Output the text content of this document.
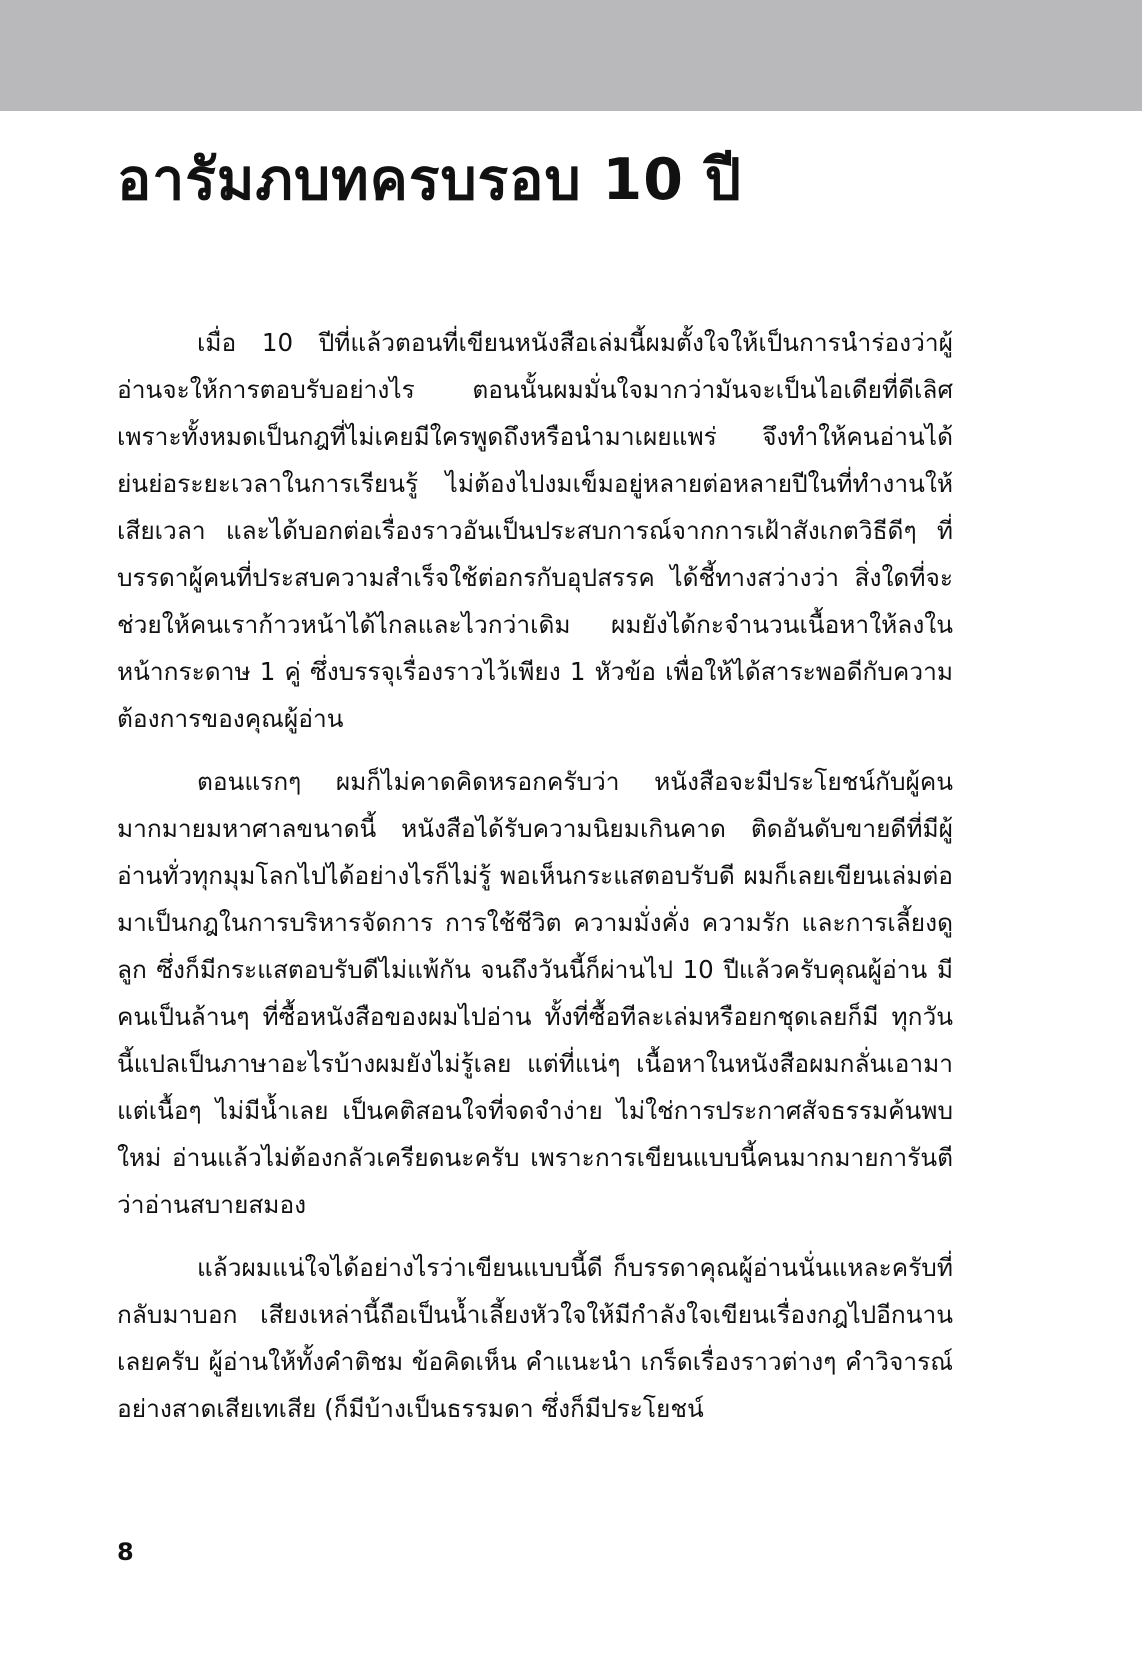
อารัมภบทครบรอบ 10 ปี

เมื่อ 10 ปีที่แล้วตอนที่เขียนหนังสือเล่มนี้ผมตั้งใจให้เป็นการนำร่องว่าผู้อ่านจะให้การตอบรับอย่างไร ตอนนั้นผมมั่นใจมากว่ามันจะเป็นไอเดียที่ดีเลิศ เพราะทั้งหมดเป็นกฎที่ไม่เคยมีใครพูดถึงหรือนำมาเผยแพร่ จึงทำให้คนอ่านได้ย่นย่อระยะเวลาในการเรียนรู้ ไม่ต้องไปงมเข็มอยู่หลายต่อหลายปีในที่ทำงานให้เสียเวลา และได้บอกต่อเรื่องราวอันเป็นประสบการณ์จากการเฝ้าสังเกตวิธีดีๆ ที่บรรดาผู้คนที่ประสบความสำเร็จใช้ต่อกรกับอุปสรรค ได้ชี้ทางสว่างว่า สิ่งใดที่จะช่วยให้คนเราก้าวหน้าได้ไกลและไวกว่าเดิม ผมยังได้กะจำนวนเนื้อหาให้ลงในหน้ากระดาษ 1 คู่ ซึ่งบรรจุเรื่องราวไว้เพียง 1 หัวข้อ เพื่อให้ได้สาระพอดีกับความต้องการของคุณผู้อ่าน

ตอนแรกๆ ผมก็ไม่คาดคิดหรอกครับว่า หนังสือจะมีประโยชน์กับผู้คนมากมายมหาศาลขนาดนี้ หนังสือได้รับความนิยมเกินคาด ติดอันดับขายดีที่มีผู้อ่านทั่วทุกมุมโลกไปได้อย่างไรก็ไม่รู้ พอเห็นกระแสตอบรับดี ผมก็เลยเขียนเล่มต่อมาเป็นกฎในการบริหารจัดการ การใช้ชีวิต ความมั่งคั่ง ความรัก และการเลี้ยงดูลูก ซึ่งก็มีกระแสตอบรับดีไม่แพ้กัน จนถึงวันนี้ก็ผ่านไป 10 ปีแล้วครับคุณผู้อ่าน มีคนเป็นล้านๆ ที่ซื้อหนังสือของผมไปอ่าน ทั้งที่ซื้อทีละเล่มหรือยกชุดเลยก็มี ทุกวันนี้แปลเป็นภาษาอะไรบ้างผมยังไม่รู้เลย แต่ที่แน่ๆ เนื้อหาในหนังสือผมกลั่นเอามาแต่เนื้อๆ ไม่มีน้ำเลย เป็นคติสอนใจที่จดจำง่าย ไม่ใช่การประกาศสัจธรรมค้นพบใหม่ อ่านแล้วไม่ต้องกลัวเครียดนะครับ เพราะการเขียนแบบนี้คนมากมายการันตีว่าอ่านสบายสมอง

แล้วผมแน่ใจได้อย่างไรว่าเขียนแบบนี้ดี ก็บรรดาคุณผู้อ่านนั่นแหละครับที่กลับมาบอก เสียงเหล่านี้ถือเป็นน้ำเลี้ยงหัวใจให้มีกำลังใจเขียนเรื่องกฎไปอีกนานเลยครับ ผู้อ่านให้ทั้งคำติชม ข้อคิดเห็น คำแนะนำ เกร็ดเรื่องราวต่างๆ คำวิจารณ์อย่างสาดเสียเทเสีย (ก็มีบ้างเป็นธรรมดา ซึ่งก็มีประโยชน์

8
